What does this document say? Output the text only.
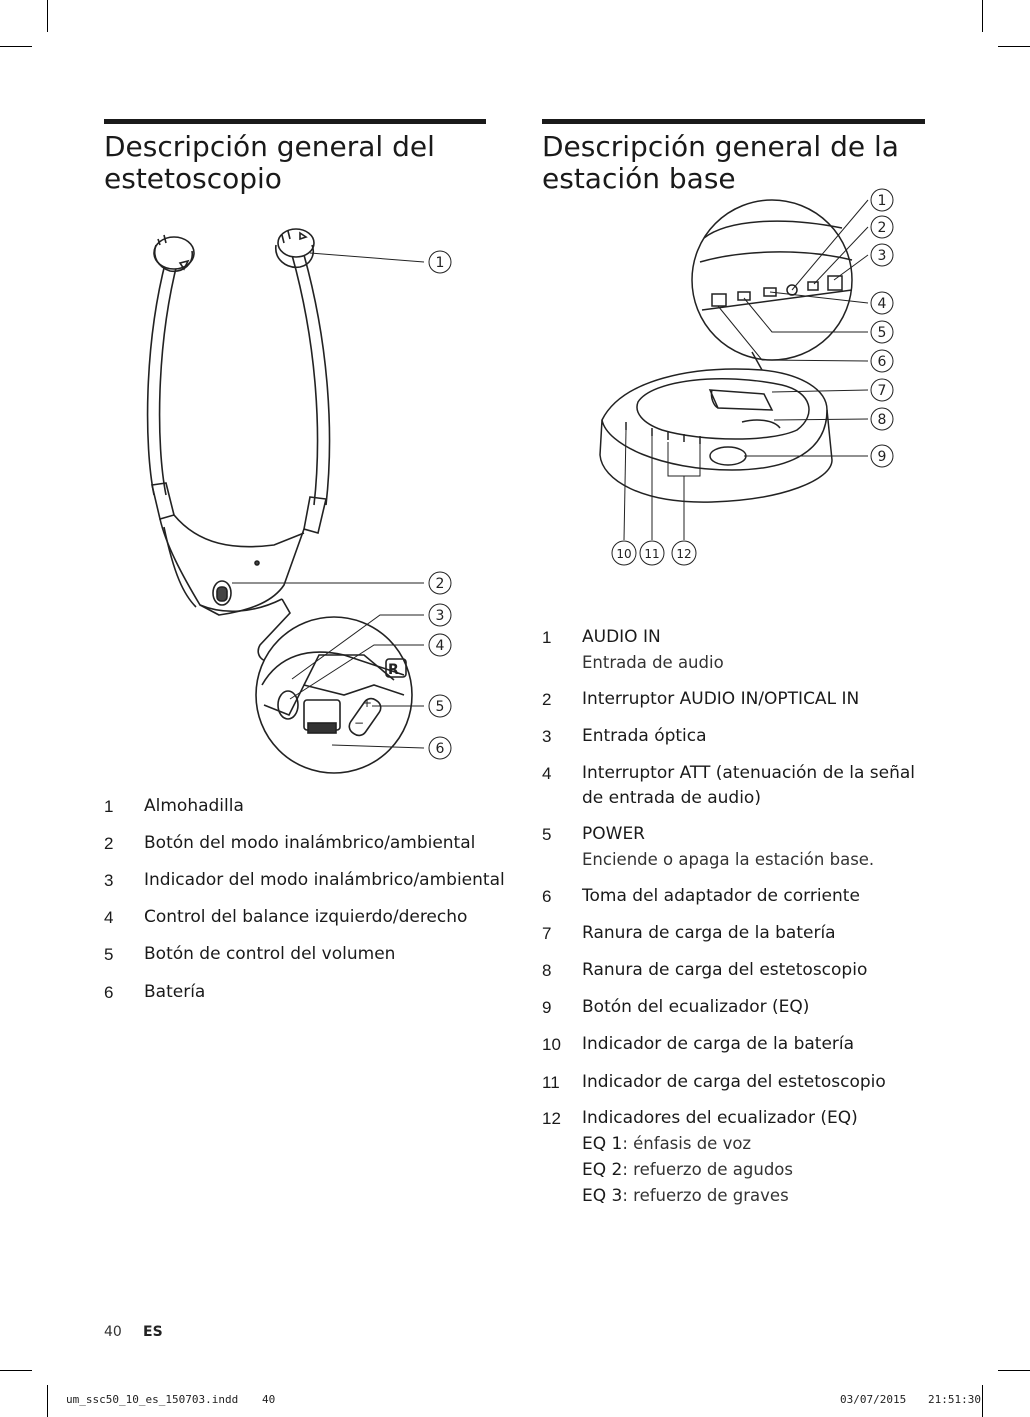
Descripción general del
estetoscopio
+
−
R
1
2
3
4
5
6
1	Almohadilla
2	Botón del modo inalámbrico/ambiental
3	Indicador del modo inalámbrico/ambiental
4	Control del balance izquierdo/derecho
5	Botón de control del volumen
6	Batería
Descripción general de la
estación base
1
2
3
4
5
6
7
8
9
10 11 12
1	AUDIO IN
Entrada de audio
2	Interruptor AUDIO IN/OPTICAL IN
3	Entrada óptica
4	Interruptor ATT (atenuación de la señal
de entrada de audio)
5	POWER
Enciende o apaga la estación base.
6	Toma del adaptador de corriente
7	Ranura de carga de la batería
8	Ranura de carga del estetoscopio
9	Botón del ecualizador (EQ)
10	Indicador de carga de la batería
11	Indicador de carga del estetoscopio
12	Indicadores del ecualizador (EQ)
EQ 1: énfasis de voz
EQ 2: refuerzo de agudos
EQ 3: refuerzo de graves
40 ES
um_ssc50_10_es_150703.indd 40	03/07/2015 21:51:30
